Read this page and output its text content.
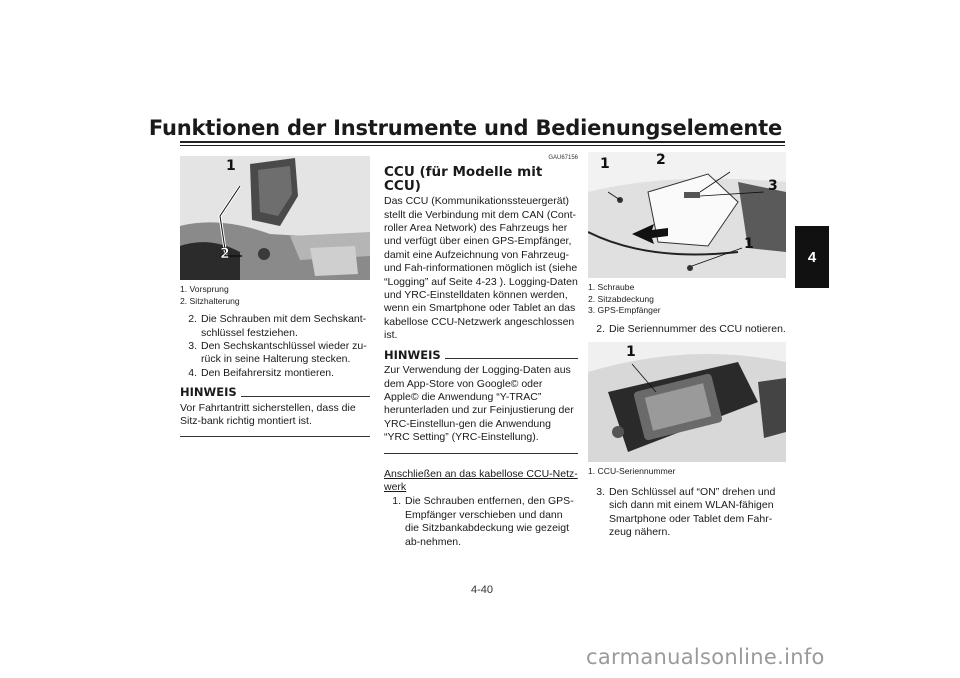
Funktionen der Instrumente und Bedienungselemente
4
1
2
1. Vorsprung
2. Sitzhalterung
2. Die Schrauben mit dem Sechskant-schlüssel festziehen.
3. Den Sechskantschlüssel wieder zu-rück in seine Halterung stecken.
4. Den Beifahrersitz montieren.
HINWEIS

Vor Fahrtantritt sicherstellen, dass die Sitz-bank richtig montiert ist.

GAU67156
CCU (für Modelle mit CCU)

Das CCU (Kommunikationssteuergerät) stellt die Verbindung mit dem CAN (Cont-roller Area Network) des Fahrzeugs her und verfügt über einen GPS-Empfänger, damit eine Aufzeichnung von Fahrzeug- und Fah-rinformationen möglich ist (siehe “Logging” auf Seite 4-23 ). Logging-Daten und YRC-Einstelldaten können werden, wenn ein Smartphone oder Tablet an das kabellose CCU-Netzwerk angeschlossen ist.

HINWEIS

Zur Verwendung der Logging-Daten aus dem App-Store von Google© oder Apple© die Anwendung “Y-TRAC” herunterladen und zur Feinjustierung der YRC-Einstellun-gen die Anwendung “YRC Setting” (YRC-Einstellung).

Anschließen an das kabellose CCU-Netz-werk

1. Die Schrauben entfernen, den GPS-Empfänger verschieben und dann die Sitzbankabdeckung wie gezeigt ab-nehmen.
1	2
3
1
1. Schraube
2. Sitzabdeckung
3. GPS-Empfänger
2. Die Seriennummer des CCU notieren.
1
1. CCU-Seriennummer
3. Den Schlüssel auf “ON” drehen und sich dann mit einem WLAN-fähigen Smartphone oder Tablet dem Fahr-zeug nähern.
4-40
carmanualsonline.info
